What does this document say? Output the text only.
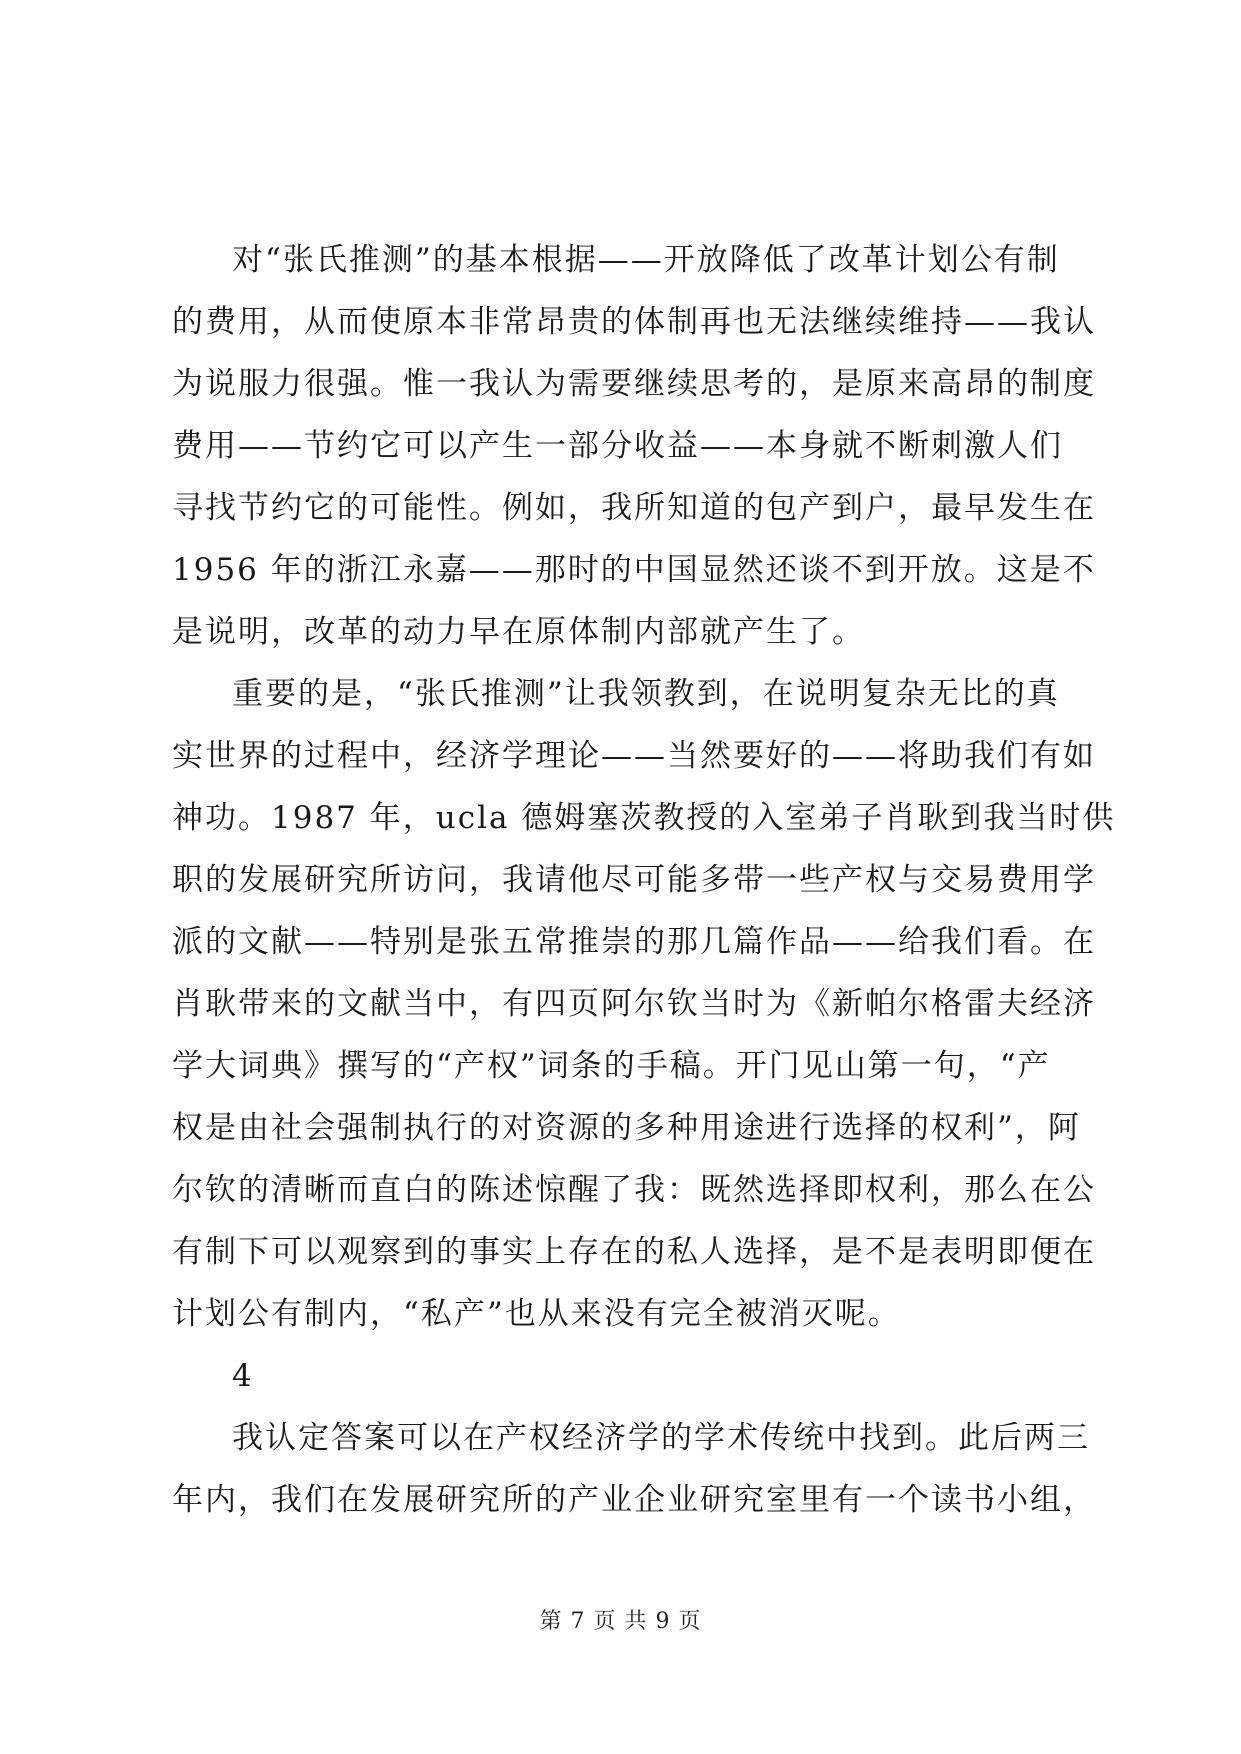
对“张氏推测”的基本根据——开放降低了改革计划公有制
的费用，从而使原本非常昂贵的体制再也无法继续维持——我认
为说服力很强。惟一我认为需要继续思考的，是原来高昂的制度
费用——节约它可以产生一部分收益——本身就不断刺激人们
寻找节约它的可能性。例如，我所知道的包产到户，最早发生在
1956 年的浙江永嘉——那时的中国显然还谈不到开放。这是不
是说明，改革的动力早在原体制内部就产生了。
重要的是，“张氏推测”让我领教到，在说明复杂无比的真
实世界的过程中，经济学理论——当然要好的——将助我们有如
神功。1987 年，ucla 德姆塞茨教授的入室弟子肖耿到我当时供
职的发展研究所访问，我请他尽可能多带一些产权与交易费用学
派的文献——特别是张五常推崇的那几篇作品——给我们看。在
肖耿带来的文献当中，有四页阿尔钦当时为《新帕尔格雷夫经济
学大词典》撰写的“产权”词条的手稿。开门见山第一句，“产
权是由社会强制执行的对资源的多种用途进行选择的权利”，阿
尔钦的清晰而直白的陈述惊醒了我：既然选择即权利，那么在公
有制下可以观察到的事实上存在的私人选择，是不是表明即便在
计划公有制内，“私产”也从来没有完全被消灭呢。
4
我认定答案可以在产权经济学的学术传统中找到。此后两三
年内，我们在发展研究所的产业企业研究室里有一个读书小组，
第 7 页 共 9 页
